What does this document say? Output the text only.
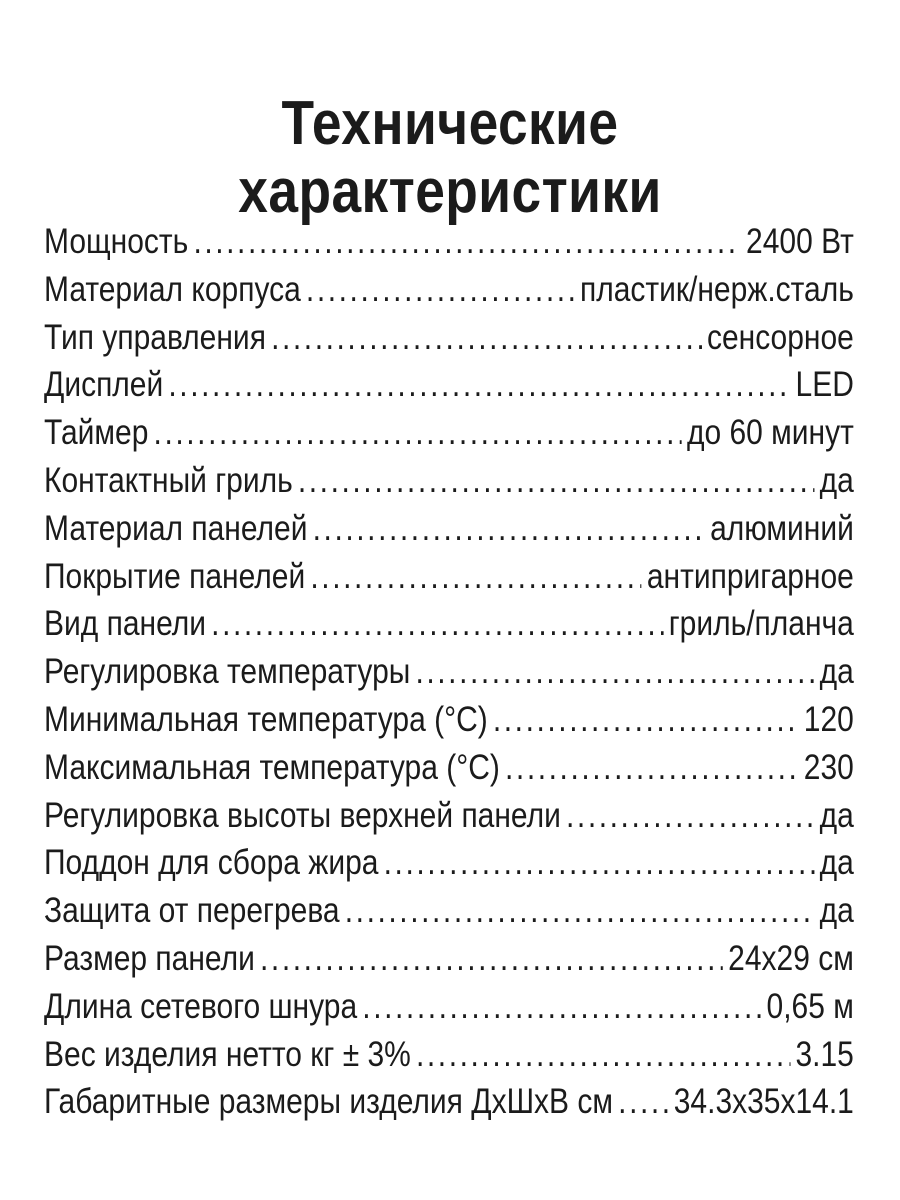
Технические
характеристики
Мощность .....	2400 Вт
Материал корпуса .....	пластик/нерж.сталь
Тип управления .....	сенсорное
Дисплей .....	LED
Таймер .....	до 60 минут
Контактный гриль .....	да
Материал панелей .....	алюминий
Покрытие панелей .....	антипригарное
Вид панели .....	гриль/планча
Регулировка температуры .....	да
Минимальная температура (°С) .....	120
Максимальная температура (°С) .....	230
Регулировка высоты верхней панели .....	да
Поддон для сбора жира .....	да
Защита от перегрева .....	да
Размер панели .....	24х29 см
Длина сетевого шнура .....	0,65 м
Вес изделия нетто кг ± 3% .....	3.15
Габаритные размеры изделия ДхШхВ см ..... 34.3х35х14.1
